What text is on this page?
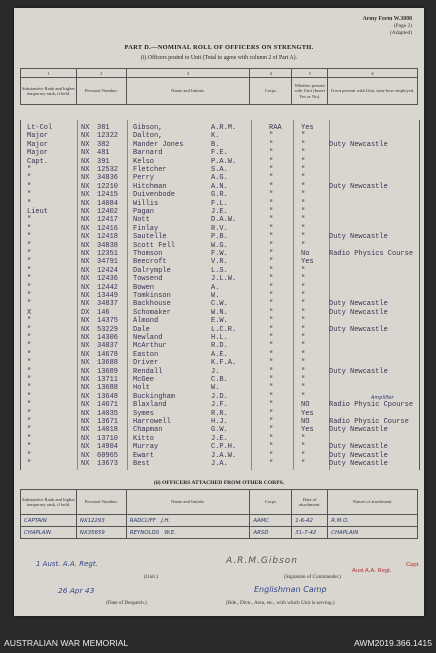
Army Form W.3008
(Page 2)
(Adapted)
PART D.—NOMINAL ROLL OF OFFICERS ON STRENGTH.
(i) Officers posted to Unit (Total to agree with column 2 of Part A).
1	2	3	4	5	6
Substantive Rank and higher temporary rank, if held.	Personal Number.	Name and Initials.	Corps.	Whether present with Unit (Insert Yes or No).	If not present with Unit, state how employed.
Amplifier
Lt-Col	NX 381	Gibson,	A.R.M.	RAA	Yes
Major	NX 12322 Dalton,	K.	"	"
Major	NX 382	Mander Jones	B.	"	"	Duty Newcastle
Major	NX 481	Barnard	F.E.	"	"
Capt.	NX 391	Kelso	P.A.W.	"	"
"	NX 12532 Fletcher	S.A.	"	"
"	NX 34836 Perry	A.G.	"	"
"	NX 12210 Hitchman	A.N.	"	"	Duty Newcastle
"	NX 12415 Duivenbode	G.R.	"	"
"	NX 14084 Willis	F.L.	"	"
Lieut	NX 12402 Pagan	J.E.	"	"
"	NX 12417 Nott	D.A.W.	"	"
"	NX 12416 Finlay	R.V.	"	"
"	NX 12418 Sautelle	P.B.	"	"	Duty Newcastle
"	NX 34838 Scott Fell	W.G.	"	"
"	NX 12351 Thomson	F.W.	"	No	Radio Physics Course
"	NX 34791 Beecroft	V.R.	"	Yes
"	NX 12424 Dalrymple	L.S.	"	"
"	NX 12436 Towsend	J.L.W.	"	"
"	NX 12442 Bowen	A.	"	"
"	NX 13449 Tomkinson	W.	"	"
"	NX 34837 Backhouse	C.W.	"	"	Duty Newcastle
X	DX 146	Schomaker	W.N.	"	"	Duty Newcastle
"	NX 14375 Almond	E.W.	"	"
"	NX 53229 Dale	L.C.R.	"	"	Duty Newcastle
"	NX 14306 Newland	H.L.	"	"
"	NX 34837 McArthur	R.D.	"	"
"	NX 14678 Easton	A.E.	"	"
"	NX 13688 Driver	K.F.A.	"	"
"	NX 13689 Rendall	J.	"	"	Duty Newcastle
"	NX 13711 McGee	C.B.	"	"
"	NX 13688 Holt	W.	"	"
"	NX 13648 Buckingham	J.D.	"	"
"	NX 14671 Blaxland	J.F.	"	NO	Radio Physic Cpourse
"	NX 14035 Symes	R.R.	"	Yes
"	NX 13671 Harrowell	H.J.	"	NO	Radio Physic Course
"	NX 14018 Chapman	G.W.	"	Yes Duty Newcastle
"	NX 13710 Kitto	J.E.	"	"
"	NX 14904 Murray	C.P.H.	"	"	Duty Newcastle
"	NX 60965 Ewart	J.A.W.	"	"	Duty Newcastle
"	NX 13673 Best	J.A.	"	"	Duty Newcastle
(ii) OFFICERS ATTACHED FROM OTHER CORPS.
Substantive Rank and higher temporary rank, if held.	Personal Number.	Name and Initials.	Corps.	Date of attachment.	Nature of attachment.
CAPTAIN	NX12293	RADCLIFF J.H.	AAMC	1-6-42	R.M.O.
CHAPLAIN	NX35659	REYNOLDS W.E.	ARSD	31-7-42	CHAPLAIN
1 Aust. A.A. Regt.
(Unit.)
A.R.M.Gibson	Capt.
Aust A.A. Regt.
(Signature of Commander.)
26 Apr 43	Englishman Camp
(Date of Despatch.)	(Bde., Divn., Area, etc., with which Unit is serving.)
AUSTRALIAN WAR MEMORIAL	AWM2019.366.1415
